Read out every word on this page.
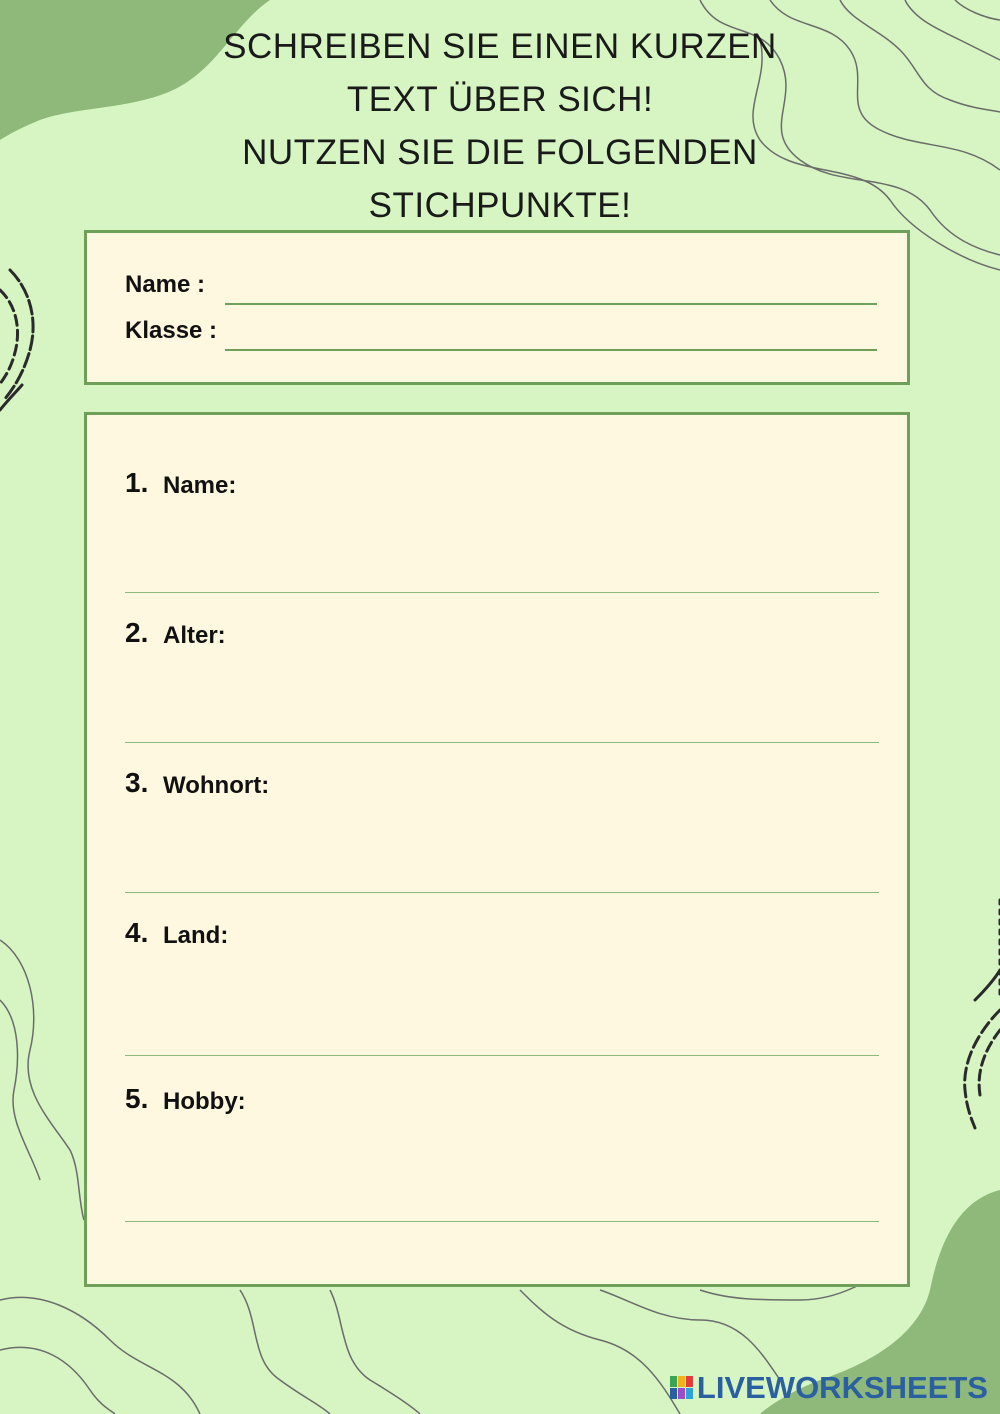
SCHREIBEN SIE EINEN KURZEN
TEXT ÜBER SICH!
NUTZEN SIE DIE FOLGENDEN
STICHPUNKTE!
Name :
Klasse :
1. Name:
2. Alter:
3. Wohnort:
4. Land:
5. Hobby:
LIVEWORKSHEETS
